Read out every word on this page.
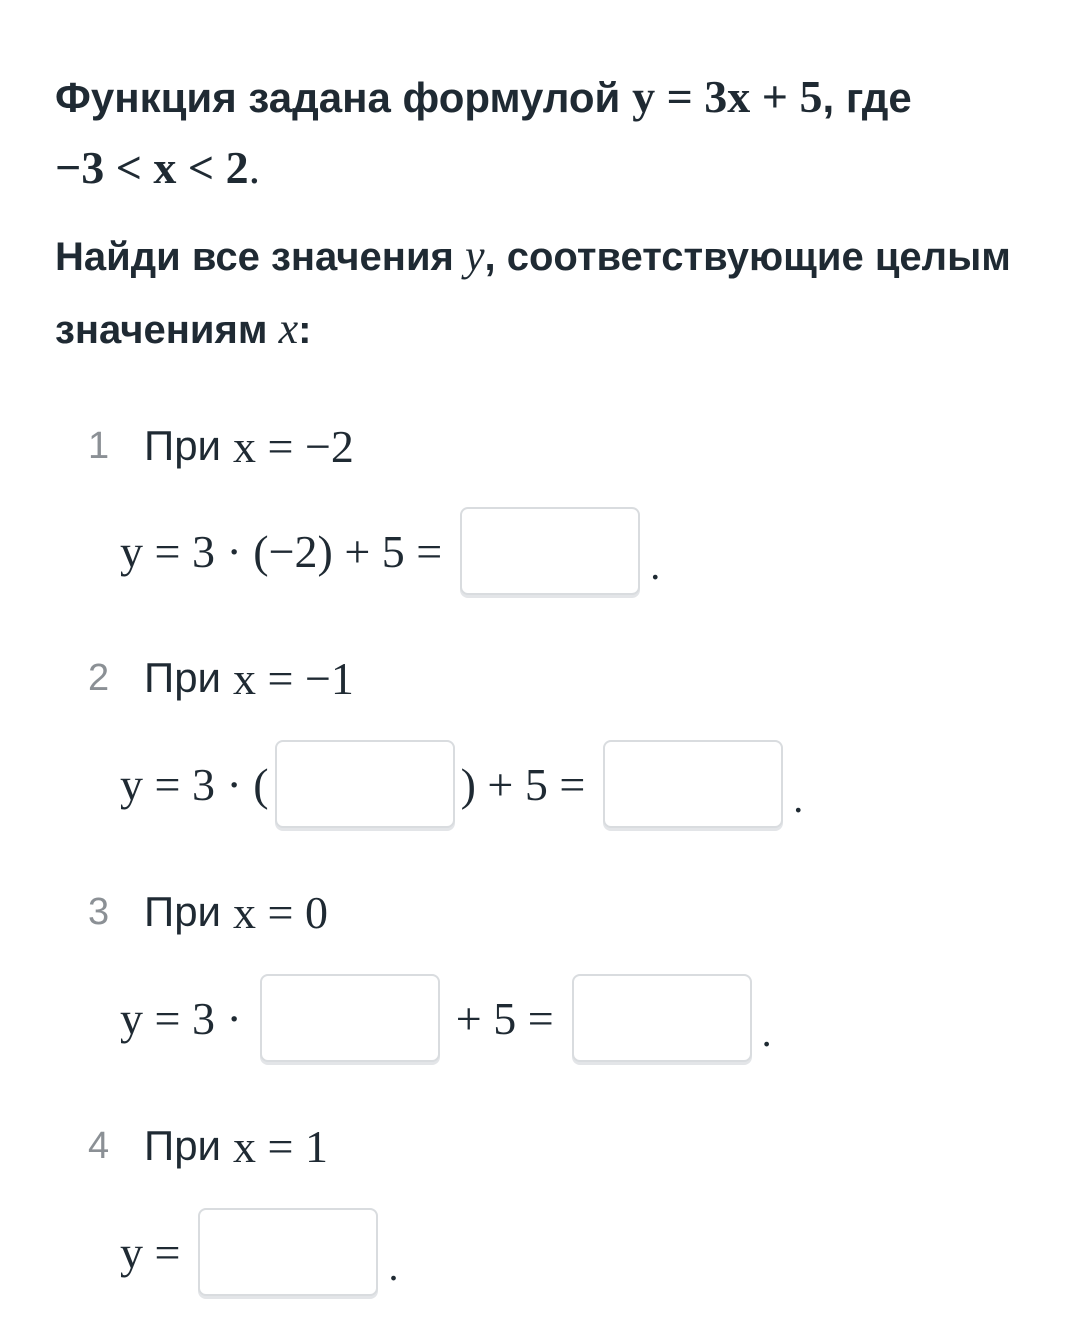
Функция задана формулой y = 3x + 5, где
−3 < x < 2.
Найди все значения y, соответствующие целым значениям x:
1 При x = −2
y = 3 · (−2) + 5 =	.
2 При x = −1
y = 3 · (	) + 5 =	.
3 При x = 0
y = 3 ·	+ 5 =	.
4 При x = 1
y =	.
